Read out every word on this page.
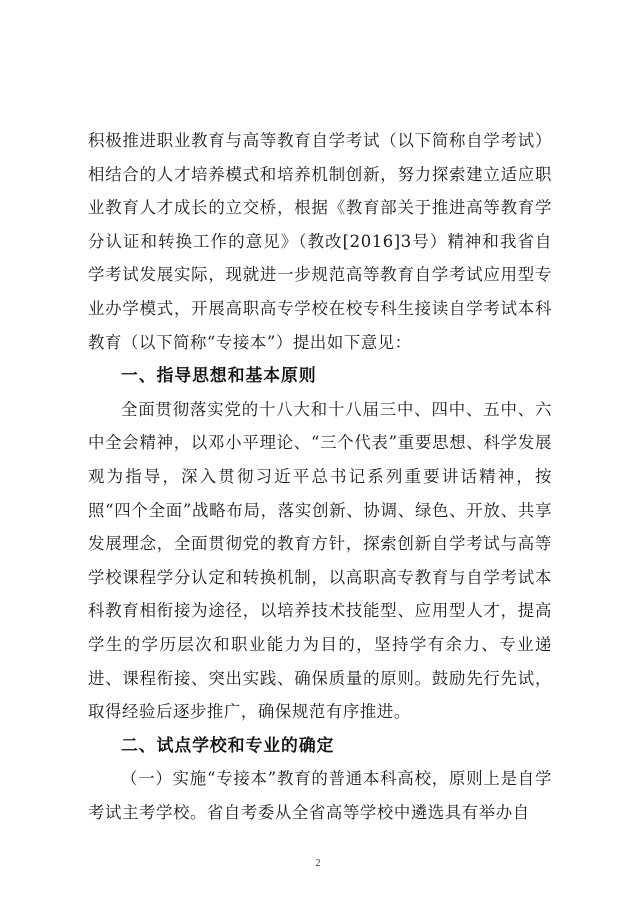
积极推进职业教育与高等教育自学考试（以下简称自学考试）相结合的人才培养模式和培养机制创新，努力探索建立适应职业教育人才成长的立交桥，根据《教育部关于推进高等教育学分认证和转换工作的意见》（教改[2016]3号）精神和我省自学考试发展实际，现就进一步规范高等教育自学考试应用型专业办学模式，开展高职高专学校在校专科生接读自学考试本科教育（以下简称“专接本”）提出如下意见：

一、指导思想和基本原则

全面贯彻落实党的十八大和十八届三中、四中、五中、六中全会精神，以邓小平理论、“三个代表”重要思想、科学发展观为指导，深入贯彻习近平总书记系列重要讲话精神，按照“四个全面”战略布局，落实创新、协调、绿色、开放、共享发展理念，全面贯彻党的教育方针，探索创新自学考试与高等学校课程学分认定和转换机制，以高职高专教育与自学考试本科教育相衔接为途径，以培养技术技能型、应用型人才，提高学生的学历层次和职业能力为目的，坚持学有余力、专业递进、课程衔接、突出实践、确保质量的原则。鼓励先行先试，取得经验后逐步推广，确保规范有序推进。

二、试点学校和专业的确定

（一）实施“专接本”教育的普通本科高校，原则上是自学考试主考学校。省自考委从全省高等学校中遴选具有举办自

2
